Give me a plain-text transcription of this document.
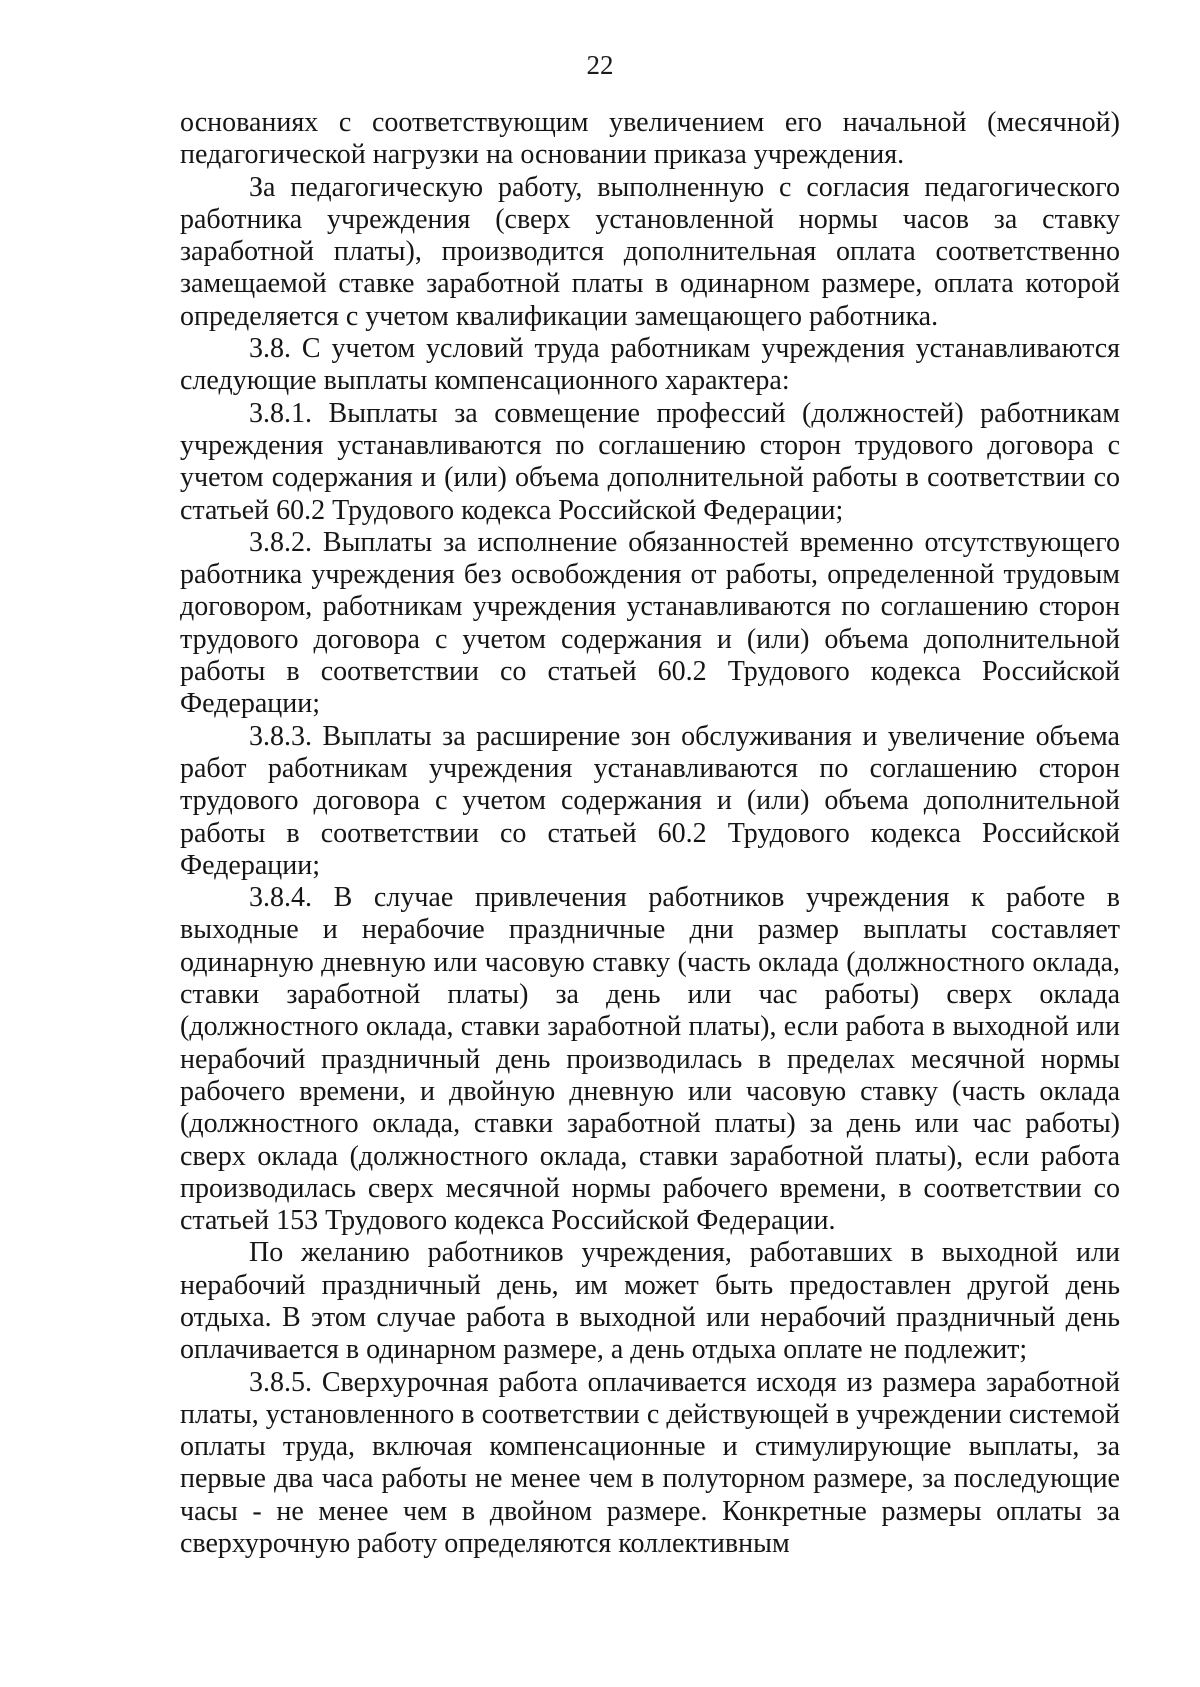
22

основаниях с соответствующим увеличением его начальной (месячной) педагогической нагрузки на основании приказа учреждения.

За педагогическую работу, выполненную с согласия педагогического работника учреждения (сверх установленной нормы часов за ставку заработной платы), производится дополнительная оплата соответственно замещаемой ставке заработной платы в одинарном размере, оплата которой определяется с учетом квалификации замещающего работника.

3.8. С учетом условий труда работникам учреждения устанавливаются следующие выплаты компенсационного характера:

3.8.1. Выплаты за совмещение профессий (должностей) работникам учреждения устанавливаются по соглашению сторон трудового договора с учетом содержания и (или) объема дополнительной работы в соответствии со статьей 60.2 Трудового кодекса Российской Федерации;

3.8.2. Выплаты за исполнение обязанностей временно отсутствующего работника учреждения без освобождения от работы, определенной трудовым договором, работникам учреждения устанавливаются по соглашению сторон трудового договора с учетом содержания и (или) объема дополнительной работы в соответствии со статьей 60.2 Трудового кодекса Российской Федерации;

3.8.3. Выплаты за расширение зон обслуживания и увеличение объема работ работникам учреждения устанавливаются по соглашению сторон трудового договора с учетом содержания и (или) объема дополнительной работы в соответствии со статьей 60.2 Трудового кодекса Российской Федерации;

3.8.4. В случае привлечения работников учреждения к работе в выходные и нерабочие праздничные дни размер выплаты составляет одинарную дневную или часовую ставку (часть оклада (должностного оклада, ставки заработной платы) за день или час работы) сверх оклада (должностного оклада, ставки заработной платы), если работа в выходной или нерабочий праздничный день производилась в пределах месячной нормы рабочего времени, и двойную дневную или часовую ставку (часть оклада (должностного оклада, ставки заработной платы) за день или час работы) сверх оклада (должностного оклада, ставки заработной платы), если работа производилась сверх месячной нормы рабочего времени, в соответствии со статьей 153 Трудового кодекса Российской Федерации.

По желанию работников учреждения, работавших в выходной или нерабочий праздничный день, им может быть предоставлен другой день отдыха. В этом случае работа в выходной или нерабочий праздничный день оплачивается в одинарном размере, а день отдыха оплате не подлежит;

3.8.5. Сверхурочная работа оплачивается исходя из размера заработной платы, установленного в соответствии с действующей в учреждении системой оплаты труда, включая компенсационные и стимулирующие выплаты, за первые два часа работы не менее чем в полуторном размере, за последующие часы - не менее чем в двойном размере. Конкретные размеры оплаты за сверхурочную работу определяются коллективным
